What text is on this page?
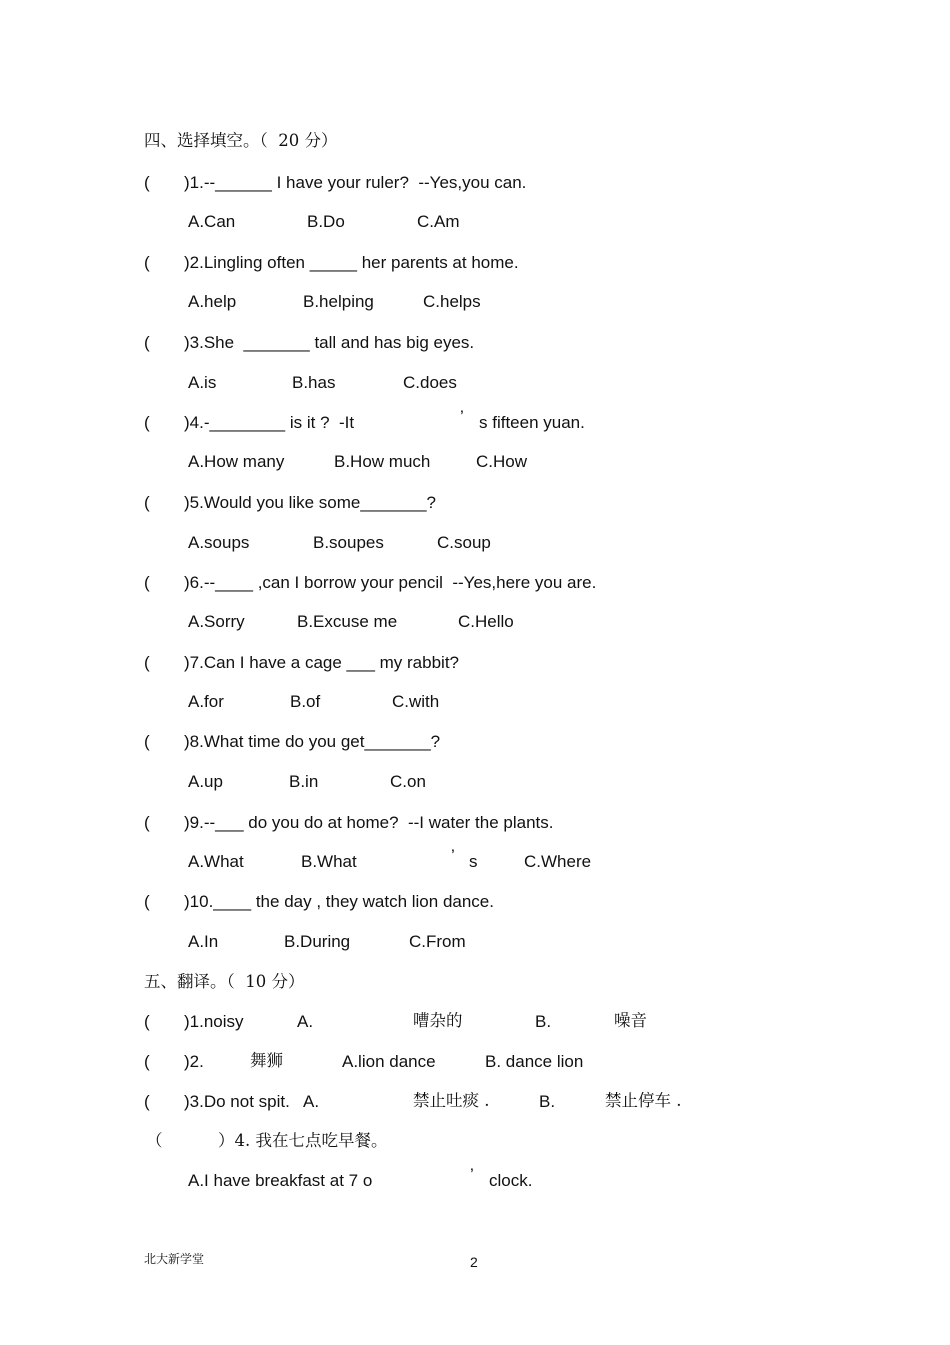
四、选择填空。（  20 分）
( )1.--______ I have your ruler?  --Yes,you can.
A.Can	B.Do	C.Am
( )2.Lingling often _____ her parents at home.
A.help	B.helping	C.helps
( )3.She  _______ tall and has big eyes.
A.is	B.has	C.does
( )4.-________ is it ?  -It	’ s fifteen yuan.
A.How many	B.How much	C.How
( )5.Would you like some_______?
A.soups	B.soupes	C.soup
( )6.--____ ,can I borrow your pencil  --Yes,here you are.
A.Sorry	B.Excuse me	C.Hello
( )7.Can I have a cage ___ my rabbit?
A.for	B.of	C.with
( )8.What time do you get_______?
A.up	B.in	C.on
( )9.--___ do you do at home?  --I water the plants.
A.What	B.What	’ s	C.Where
( )10.____ the day , they watch lion dance.
A.In	B.During	C.From
五、翻译。（  10 分）
( )1.noisy	A.	嘈杂的	B.	噪音
( )2.	舞狮	A.lion dance	B. dance lion
( )3.Do not spit.   A.	禁止吐痰 .	B.	禁止停车 .
（	）4. 我在七点吃早餐。
A.I have breakfast at 7 o	’ clock.
北大新学堂	2
